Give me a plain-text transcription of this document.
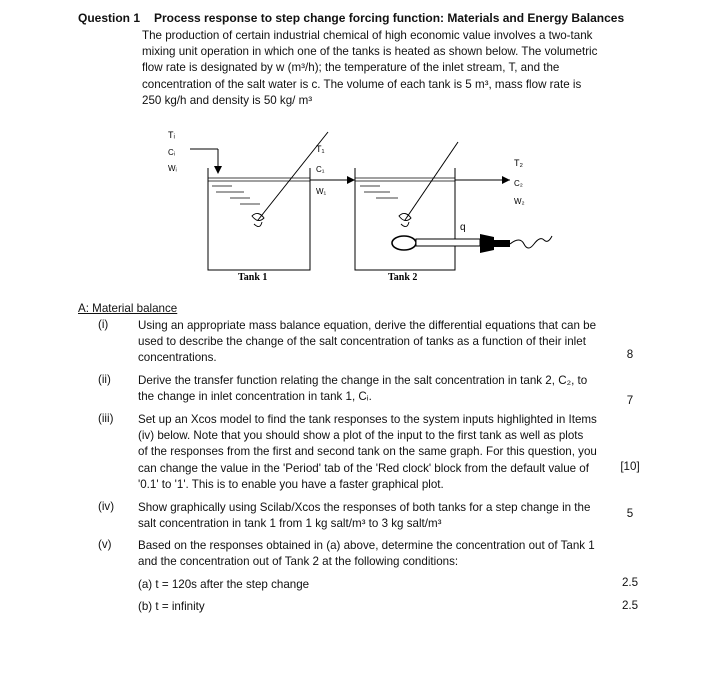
Question 1 Process response to step change forcing function: Materials and Energy Balances

The production of certain industrial chemical of high economic value involves a two-tank
mixing unit operation in which one of the tanks is heated as shown below. The volumetric
flow rate is designated by w (m³/h); the temperature of the inlet stream, T, and the
concentration of the salt water is c. The volume of each tank is 5 m³, mass flow rate is
250 kg/h and density is 50 kg/ m³

Tᵢ
Cᵢ
Wᵢ
T₁
C₁
W₁
T₂
C₂
W₂
q
Tank 1	Tank 2
A: Material balance
(i)	Using an appropriate mass balance equation, derive the differential equations that can be
used to describe the change of the salt concentration of tanks as a function of their inlet
concentrations.	8
(ii)	Derive the transfer function relating the change in the salt concentration in tank 2, C₂, to
the change in inlet concentration in tank 1, Cᵢ.	7
(iii)	Set up an Xcos model to find the tank responses to the system inputs highlighted in Items
(iv) below. Note that you should show a plot of the input to the first tank as well as plots
of the responses from the first and second tank on the same graph. For this question, you
can change the value in the 'Period' tab of the 'Red clock' block from the default value of
'0.1' to '1'. This is to enable you have a faster graphical plot.
[10]
(iv)	Show graphically using Scilab/Xcos the responses of both tanks for a step change in the
salt concentration in tank 1 from 1 kg salt/m³ to 3 kg salt/m³
5
(v)	Based on the responses obtained in (a) above, determine the concentration out of Tank 1
and the concentration out of Tank 2 at the following conditions:
(a) t = 120s after the step change	2.5
(b) t = infinity	2.5
